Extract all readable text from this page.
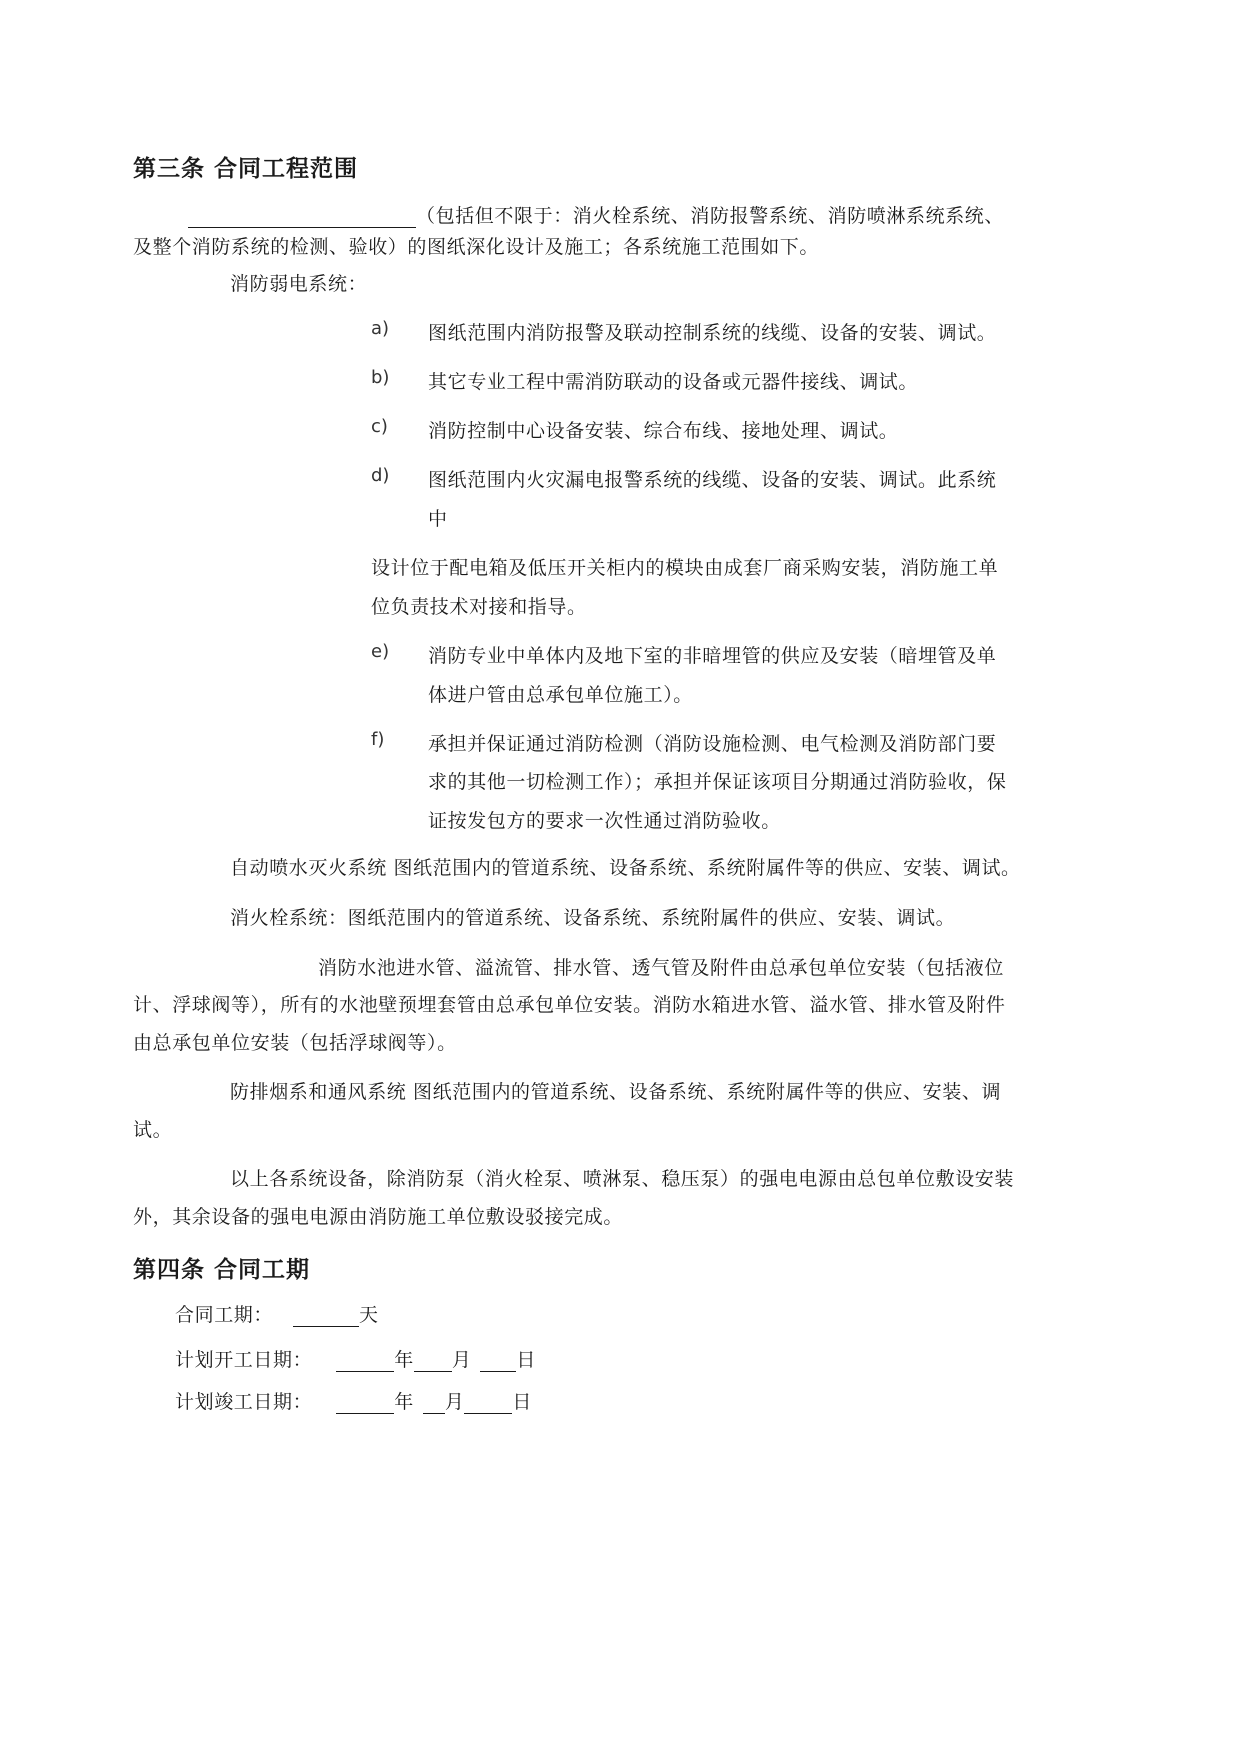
第三条 合同工程范围
（包括但不限于：消火栓系统、消防报警系统、消防喷淋系统系统、
及整个消防系统的检测、验收）的图纸深化设计及施工；各系统施工范围如下。
消防弱电系统：
a) 图纸范围内消防报警及联动控制系统的线缆、设备的安装、调试。
b) 其它专业工程中需消防联动的设备或元器件接线、调试。
c) 消防控制中心设备安装、综合布线、接地处理、调试。
d) 图纸范围内火灾漏电报警系统的线缆、设备的安装、调试。此系统
中
设计位于配电箱及低压开关柜内的模块由成套厂商采购安装，消防施工单
位负责技术对接和指导。
e) 消防专业中单体内及地下室的非暗埋管的供应及安装（暗埋管及单
体进户管由总承包单位施工）。
f) 承担并保证通过消防检测（消防设施检测、电气检测及消防部门要
求的其他一切检测工作）；承担并保证该项目分期通过消防验收，保
证按发包方的要求一次性通过消防验收。
自动喷水灭火系统 图纸范围内的管道系统、设备系统、系统附属件等的供应、安装、调试。
消火栓系统：图纸范围内的管道系统、设备系统、系统附属件的供应、安装、调试。
消防水池进水管、溢流管、排水管、透气管及附件由总承包单位安装（包括液位
计、浮球阀等），所有的水池壁预埋套管由总承包单位安装。消防水箱进水管、溢水管、排水管及附件
由总承包单位安装（包括浮球阀等）。
防排烟系和通风系统 图纸范围内的管道系统、设备系统、系统附属件等的供应、安装、调
试。
以上各系统设备，除消防泵（消火栓泵、喷淋泵、稳压泵）的强电电源由总包单位敷设安装
外，其余设备的强电电源由消防施工单位敷设驳接完成。
第四条 合同工期
合同工期：	天
计划开工日期：	年 月 日
计划竣工日期：	年 月	日
